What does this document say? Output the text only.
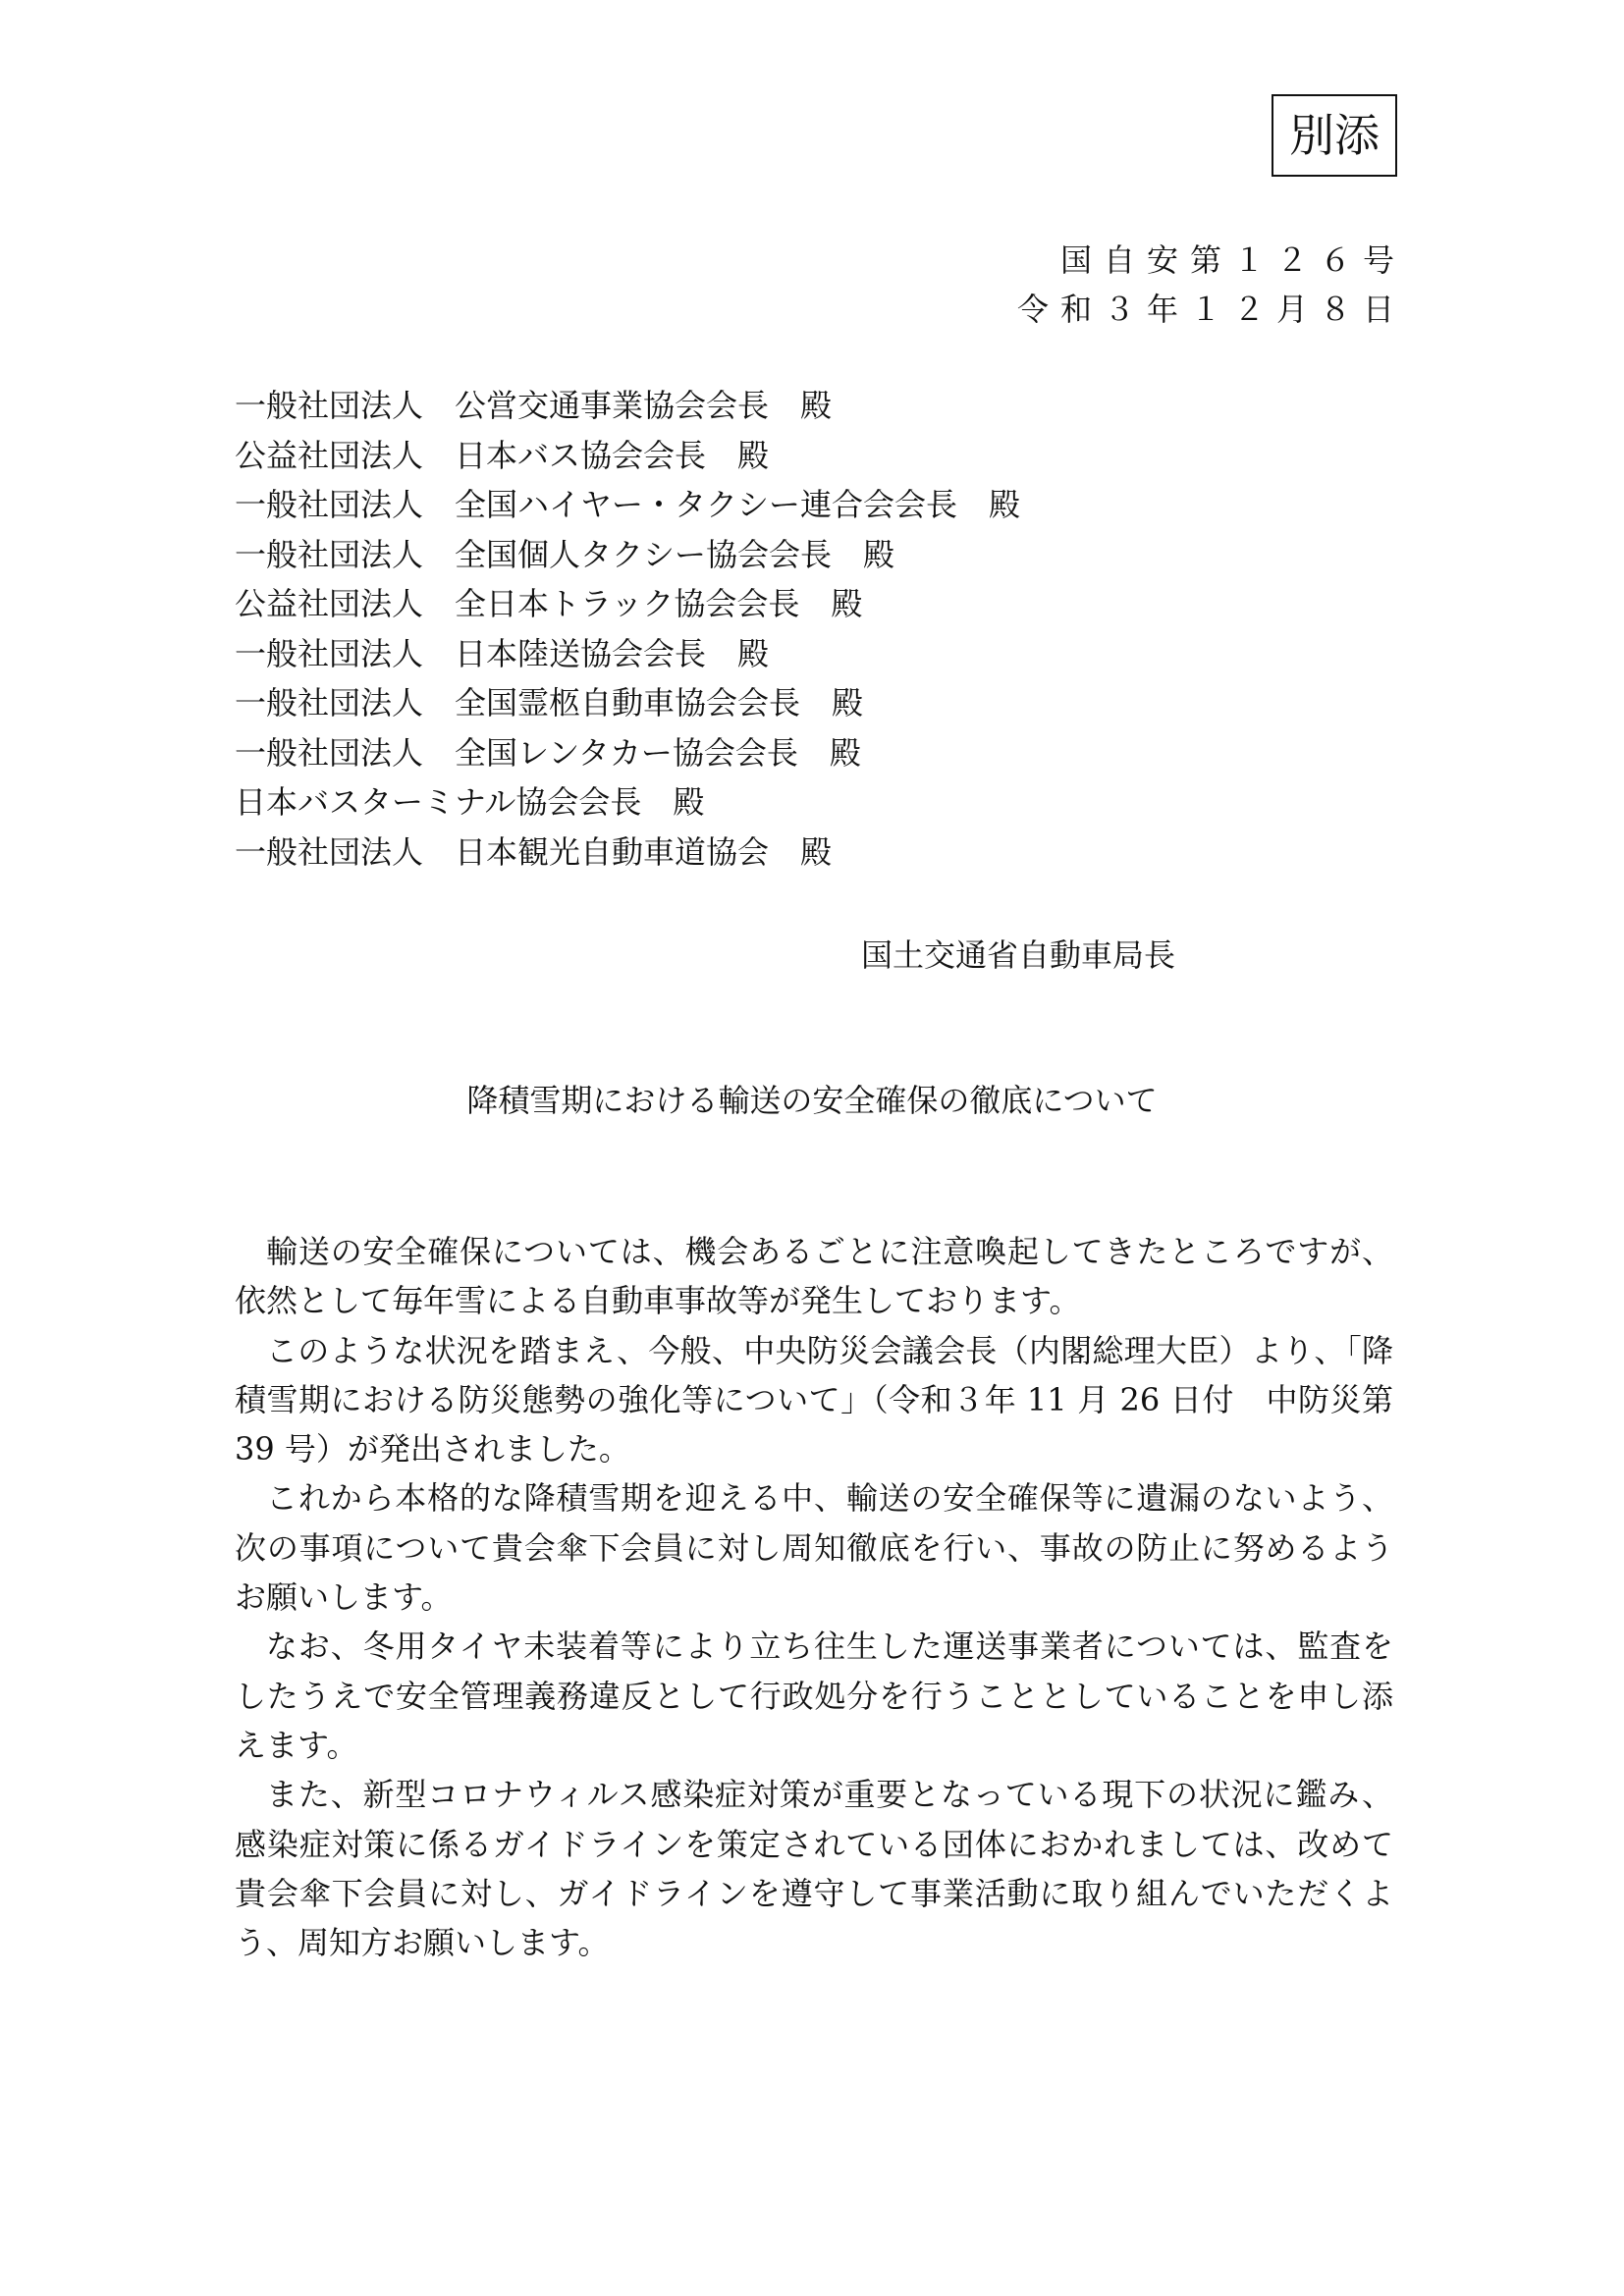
別添
国自安第１２６号
令和３年１２月８日
一般社団法人　公営交通事業協会会長　殿
公益社団法人　日本バス協会会長　殿
一般社団法人　全国ハイヤー・タクシー連合会会長　殿
一般社団法人　全国個人タクシー協会会長　殿
公益社団法人　全日本トラック協会会長　殿
一般社団法人　日本陸送協会会長　殿
一般社団法人　全国霊柩自動車協会会長　殿
一般社団法人　全国レンタカー協会会長　殿
日本バスターミナル協会会長　殿
一般社団法人　日本観光自動車道協会　殿
国土交通省自動車局長
降積雪期における輸送の安全確保の徹底について

輸送の安全確保については、機会あるごとに注意喚起してきたところですが、依然として毎年雪による自動車事故等が発生しております。

このような状況を踏まえ、今般、中央防災会議会長（内閣総理大臣）より、「降積雪期における防災態勢の強化等について」（令和３年 11 月 26 日付　中防災第 39 号）が発出されました。

これから本格的な降積雪期を迎える中、輸送の安全確保等に遺漏のないよう、次の事項について貴会傘下会員に対し周知徹底を行い、事故の防止に努めるようお願いします。

なお、冬用タイヤ未装着等により立ち往生した運送事業者については、監査をしたうえで安全管理義務違反として行政処分を行うこととしていることを申し添えます。

また、新型コロナウィルス感染症対策が重要となっている現下の状況に鑑み、感染症対策に係るガイドラインを策定されている団体におかれましては、改めて貴会傘下会員に対し、ガイドラインを遵守して事業活動に取り組んでいただくよう、周知方お願いします。
